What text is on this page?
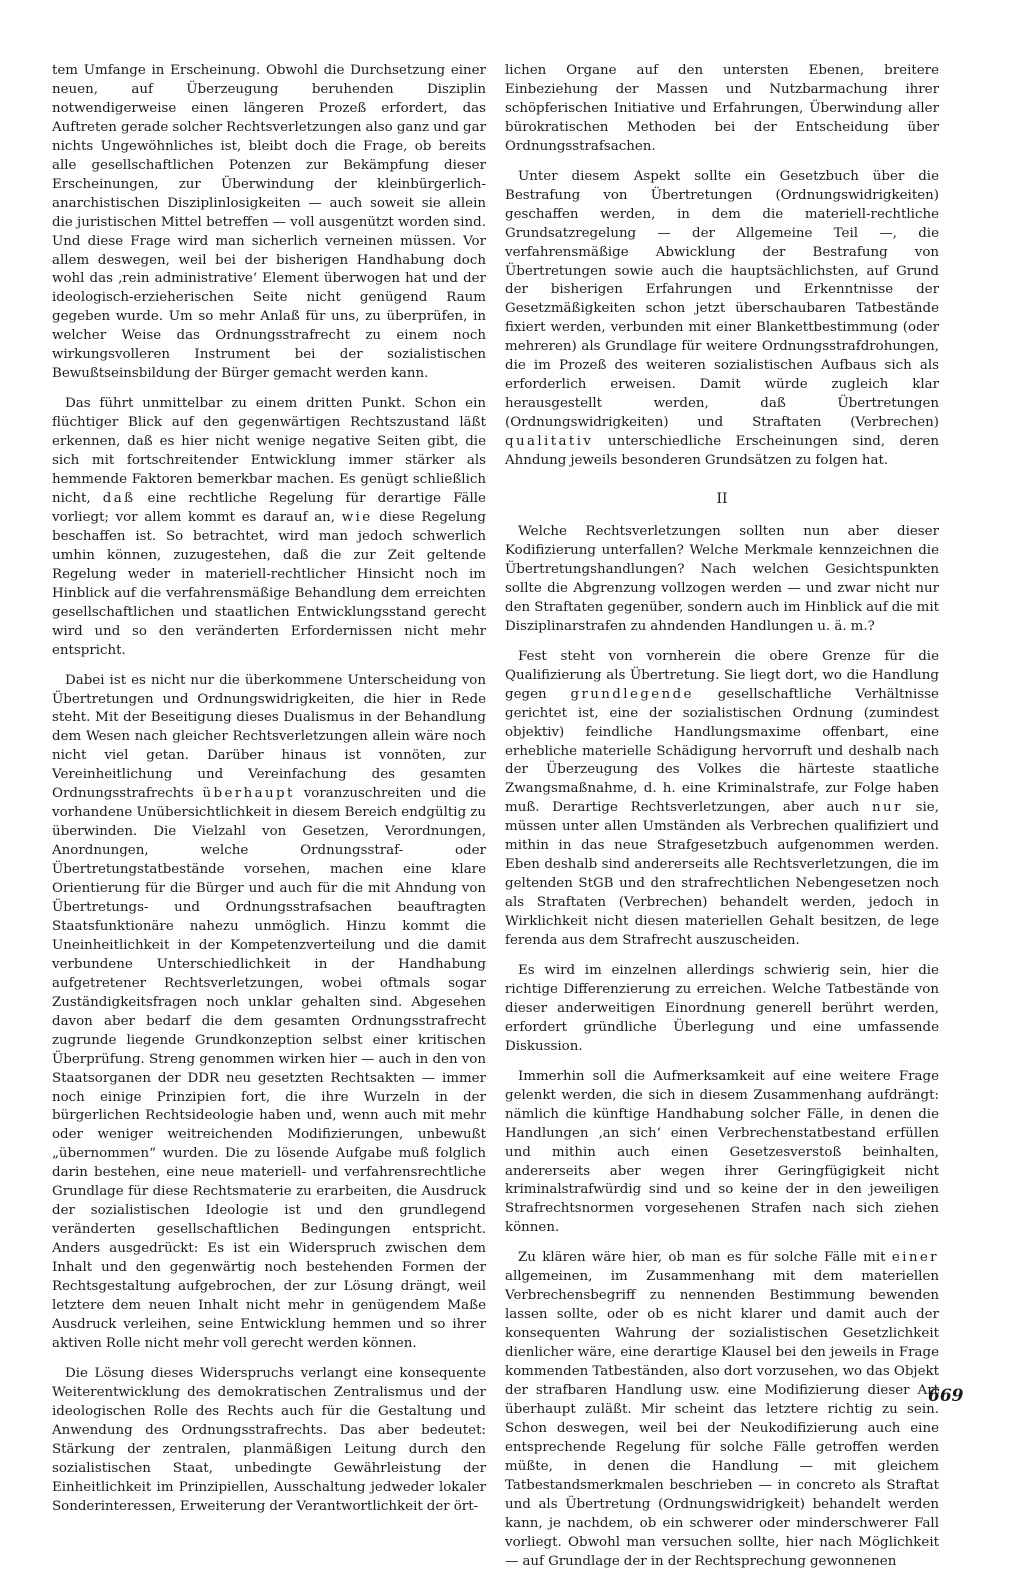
tem Umfange in Erscheinung. Obwohl die Durchsetzung einer neuen, auf Überzeugung beruhenden Disziplin notwendigerweise einen längeren Prozeß erfordert, das Auftreten gerade solcher Rechtsverletzungen also ganz und gar nichts Ungewöhnliches ist, bleibt doch die Frage, ob bereits alle gesellschaftlichen Potenzen zur Bekämpfung dieser Erscheinungen, zur Überwindung der kleinbürgerlich-anarchistischen Disziplinlosigkeiten — auch soweit sie allein die juristischen Mittel betreffen — voll ausgenützt worden sind. Und diese Frage wird man sicherlich verneinen müssen. Vor allem deswegen, weil bei der bisherigen Handhabung doch wohl das ‚rein administrative‘ Element überwogen hat und der ideologisch-erzieherischen Seite nicht genügend Raum gegeben wurde. Um so mehr Anlaß für uns, zu überprüfen, in welcher Weise das Ordnungsstrafrecht zu einem noch wirkungsvolleren Instrument bei der sozialistischen Bewußtseinsbildung der Bürger gemacht werden kann.

Das führt unmittelbar zu einem dritten Punkt. Schon ein flüchtiger Blick auf den gegenwärtigen Rechtszustand läßt erkennen, daß es hier nicht wenige negative Seiten gibt, die sich mit fortschreitender Entwicklung immer stärker als hemmende Faktoren bemerkbar machen. Es genügt schließlich nicht, daß eine rechtliche Regelung für derartige Fälle vorliegt; vor allem kommt es darauf an, wie diese Regelung beschaffen ist. So betrachtet, wird man jedoch schwerlich umhin können, zuzugestehen, daß die zur Zeit geltende Regelung weder in materiell-rechtlicher Hinsicht noch im Hinblick auf die verfahrensmäßige Behandlung dem erreichten gesellschaftlichen und staatlichen Entwicklungsstand gerecht wird und so den veränderten Erfordernissen nicht mehr entspricht.

Dabei ist es nicht nur die überkommene Unterscheidung von Übertretungen und Ordnungswidrigkeiten, die hier in Rede steht. Mit der Beseitigung dieses Dualismus in der Behandlung dem Wesen nach gleicher Rechtsverletzungen allein wäre noch nicht viel getan. Darüber hinaus ist vonnöten, zur Vereinheitlichung und Vereinfachung des gesamten Ordnungsstrafrechts überhaupt voranzuschreiten und die vorhandene Unübersichtlichkeit in diesem Bereich endgültig zu überwinden. Die Vielzahl von Gesetzen, Verordnungen, Anordnungen, welche Ordnungsstraf- oder Übertretungstatbestände vorsehen, machen eine klare Orientierung für die Bürger und auch für die mit Ahndung von Übertretungs- und Ordnungsstrafsachen beauftragten Staatsfunktionäre nahezu unmöglich. Hinzu kommt die Uneinheitlichkeit in der Kompetenzverteilung und die damit verbundene Unterschiedlichkeit in der Handhabung aufgetretener Rechtsverletzungen, wobei oftmals sogar Zuständigkeitsfragen noch unklar gehalten sind. Abgesehen davon aber bedarf die dem gesamten Ordnungsstrafrecht zugrunde liegende Grundkonzeption selbst einer kritischen Überprüfung. Streng genommen wirken hier — auch in den von Staatsorganen der DDR neu gesetzten Rechtsakten — immer noch einige Prinzipien fort, die ihre Wurzeln in der bürgerlichen Rechtsideologie haben und, wenn auch mit mehr oder weniger weitreichenden Modifizierungen, unbewußt „übernommen“ wurden. Die zu lösende Aufgabe muß folglich darin bestehen, eine neue materiell- und verfahrensrechtliche Grundlage für diese Rechtsmaterie zu erarbeiten, die Ausdruck der sozialistischen Ideologie ist und den grundlegend veränderten gesellschaftlichen Bedingungen entspricht. Anders ausgedrückt: Es ist ein Widerspruch zwischen dem Inhalt und den gegenwärtig noch bestehenden Formen der Rechtsgestaltung aufgebrochen, der zur Lösung drängt, weil letztere dem neuen Inhalt nicht mehr in genügendem Maße Ausdruck verleihen, seine Entwicklung hemmen und so ihrer aktiven Rolle nicht mehr voll gerecht werden können.

Die Lösung dieses Widerspruchs verlangt eine konsequente Weiterentwicklung des demokratischen Zentralismus und der ideologischen Rolle des Rechts auch für die Gestaltung und Anwendung des Ordnungsstrafrechts. Das aber bedeutet: Stärkung der zentralen, planmäßigen Leitung durch den sozialistischen Staat, unbedingte Gewährleistung der Einheitlichkeit im Prinzipiellen, Ausschaltung jedweder lokaler Sonderinteressen, Erweiterung der Verantwortlichkeit der ört-

lichen Organe auf den untersten Ebenen, breitere Einbeziehung der Massen und Nutzbarmachung ihrer schöpferischen Initiative und Erfahrungen, Überwindung aller bürokratischen Methoden bei der Entscheidung über Ordnungsstrafsachen.

Unter diesem Aspekt sollte ein Gesetzbuch über die Bestrafung von Übertretungen (Ordnungswidrigkeiten) geschaffen werden, in dem die materiell-rechtliche Grundsatzregelung — der Allgemeine Teil —, die verfahrensmäßige Abwicklung der Bestrafung von Übertretungen sowie auch die hauptsächlichsten, auf Grund der bisherigen Erfahrungen und Erkenntnisse der Gesetzmäßigkeiten schon jetzt überschaubaren Tatbestände fixiert werden, verbunden mit einer Blankettbestimmung (oder mehreren) als Grundlage für weitere Ordnungsstrafdrohungen, die im Prozeß des weiteren sozialistischen Aufbaus sich als erforderlich erweisen. Damit würde zugleich klar herausgestellt werden, daß Übertretungen (Ordnungswidrigkeiten) und Straftaten (Verbrechen) qualitativ unterschiedliche Erscheinungen sind, deren Ahndung jeweils besonderen Grundsätzen zu folgen hat.

II

Welche Rechtsverletzungen sollten nun aber dieser Kodifizierung unterfallen? Welche Merkmale kennzeichnen die Übertretungshandlungen? Nach welchen Gesichtspunkten sollte die Abgrenzung vollzogen werden — und zwar nicht nur den Straftaten gegenüber, sondern auch im Hinblick auf die mit Disziplinarstrafen zu ahndenden Handlungen u. ä. m.?

Fest steht von vornherein die obere Grenze für die Qualifizierung als Übertretung. Sie liegt dort, wo die Handlung gegen grundlegende gesellschaftliche Verhältnisse gerichtet ist, eine der sozialistischen Ordnung (zumindest objektiv) feindliche Handlungsmaxime offenbart, eine erhebliche materielle Schädigung hervorruft und deshalb nach der Überzeugung des Volkes die härteste staatliche Zwangsmaßnahme, d. h. eine Kriminalstrafe, zur Folge haben muß. Derartige Rechtsverletzungen, aber auch nur sie, müssen unter allen Umständen als Verbrechen qualifiziert und mithin in das neue Strafgesetzbuch aufgenommen werden. Eben deshalb sind andererseits alle Rechtsverletzungen, die im geltenden StGB und den strafrechtlichen Nebengesetzen noch als Straftaten (Verbrechen) behandelt werden, jedoch in Wirklichkeit nicht diesen materiellen Gehalt besitzen, de lege ferenda aus dem Strafrecht auszuscheiden.

Es wird im einzelnen allerdings schwierig sein, hier die richtige Differenzierung zu erreichen. Welche Tatbestände von dieser anderweitigen Einordnung generell berührt werden, erfordert gründliche Überlegung und eine umfassende Diskussion.

Immerhin soll die Aufmerksamkeit auf eine weitere Frage gelenkt werden, die sich in diesem Zusammenhang aufdrängt: nämlich die künftige Handhabung solcher Fälle, in denen die Handlungen ‚an sich‘ einen Verbrechenstatbestand erfüllen und mithin auch einen Gesetzesverstoß beinhalten, andererseits aber wegen ihrer Geringfügigkeit nicht kriminalstrafwürdig sind und so keine der in den jeweiligen Strafrechtsnormen vorgesehenen Strafen nach sich ziehen können.

Zu klären wäre hier, ob man es für solche Fälle mit einer allgemeinen, im Zusammenhang mit dem materiellen Verbrechensbegriff zu nennenden Bestimmung bewenden lassen sollte, oder ob es nicht klarer und damit auch der konsequenten Wahrung der sozialistischen Gesetzlichkeit dienlicher wäre, eine derartige Klausel bei den jeweils in Frage kommenden Tatbeständen, also dort vorzusehen, wo das Objekt der strafbaren Handlung usw. eine Modifizierung dieser Art überhaupt zuläßt. Mir scheint das letztere richtig zu sein. Schon deswegen, weil bei der Neukodifizierung auch eine entsprechende Regelung für solche Fälle getroffen werden müßte, in denen die Handlung — mit gleichem Tatbestandsmerkmalen beschrieben — in concreto als Straftat und als Übertretung (Ordnungswidrigkeit) behandelt werden kann, je nachdem, ob ein schwerer oder minderschwerer Fall vorliegt. Obwohl man versuchen sollte, hier nach Möglichkeit — auf Grundlage der in der Rechtsprechung gewonnenen

669
